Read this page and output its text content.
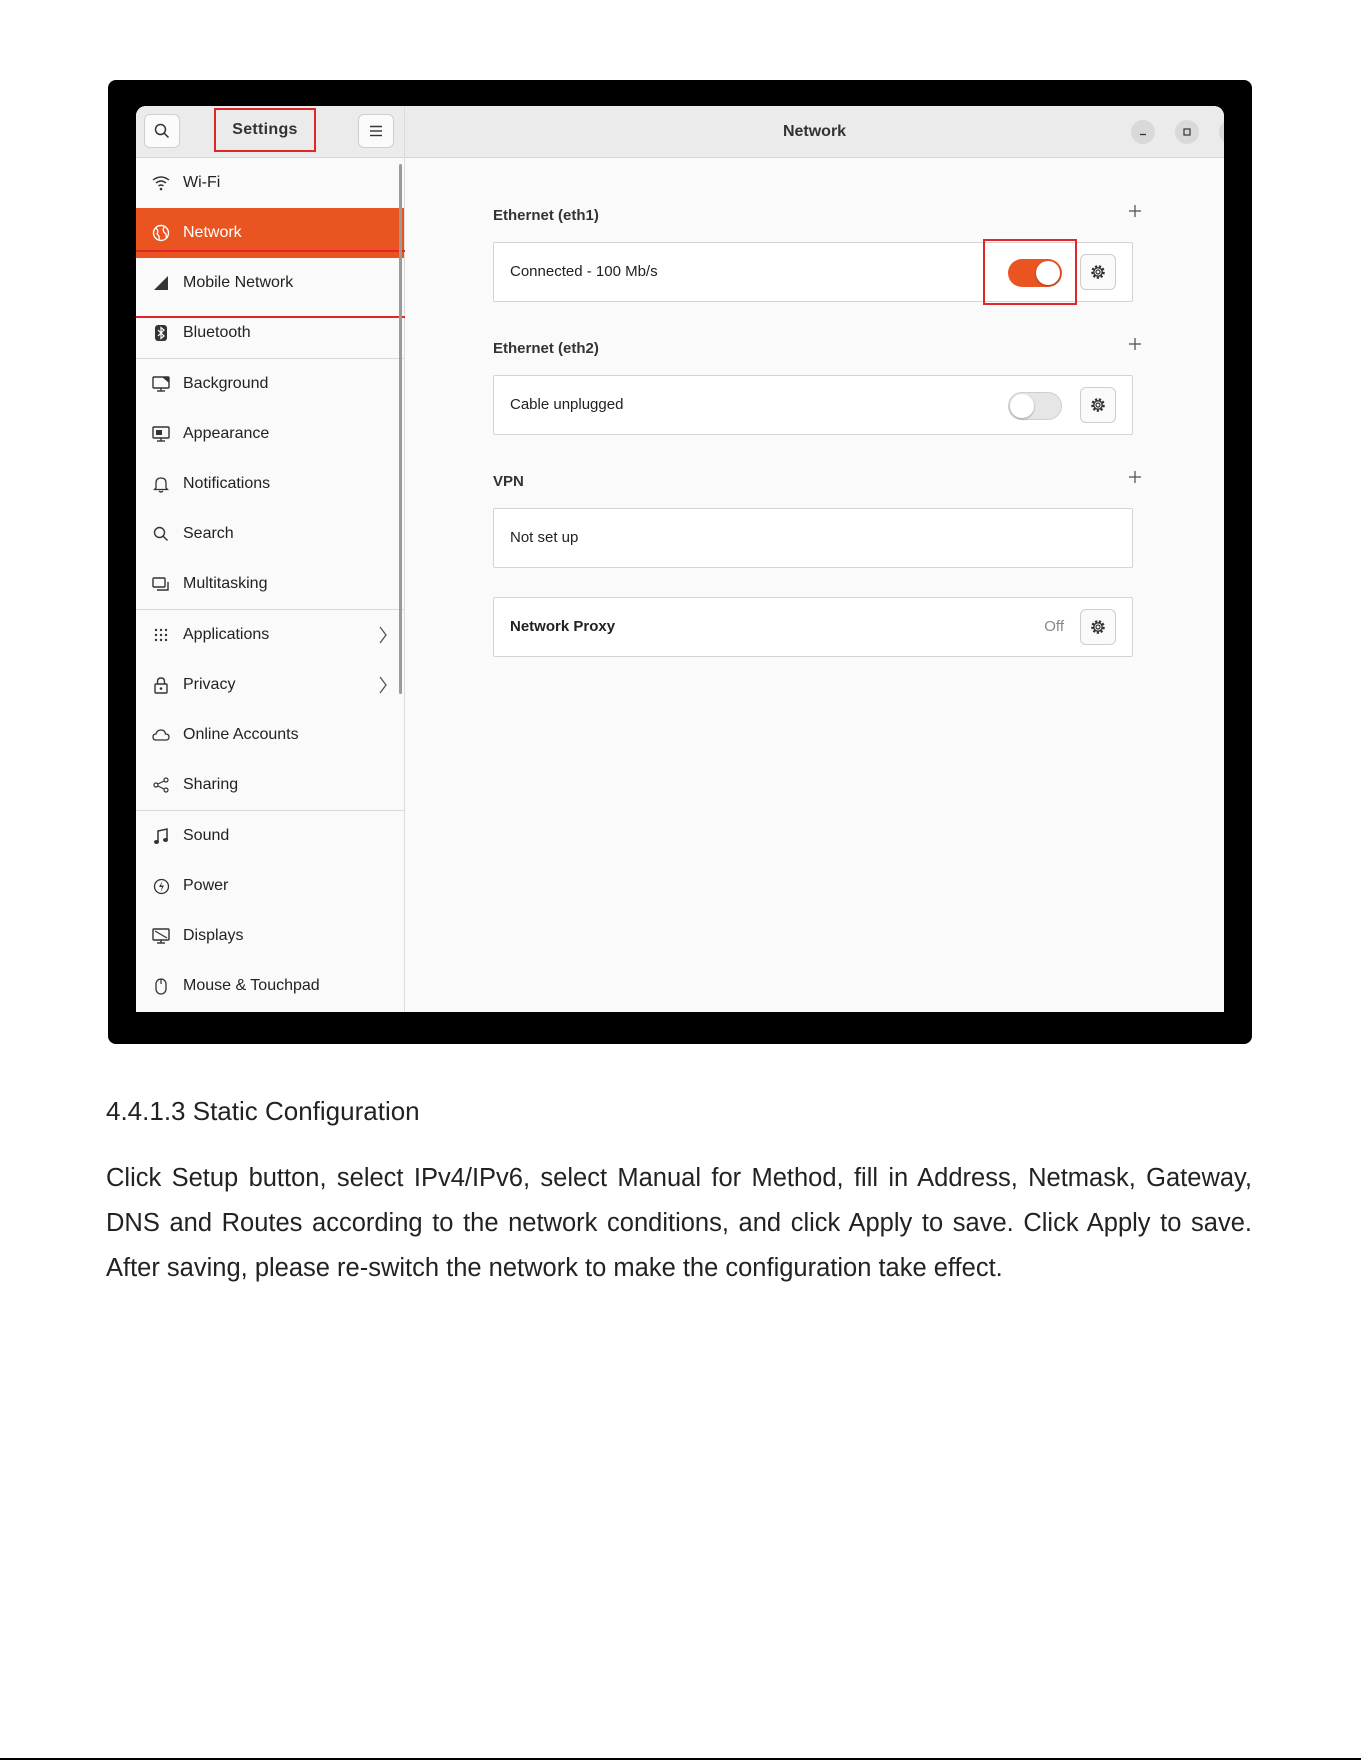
Settings
Wi-Fi
Network
Mobile Network
Bluetooth
Background
Appearance
Notifications
Search
Multitasking
Applications
Privacy
Online Accounts
Sharing
Sound
Power
Displays
Mouse & Touchpad
Network
Ethernet (eth1)
Connected - 100 Mb/s
Ethernet (eth2)
Cable unplugged
VPN
Not set up
Network Proxy	Off
4.4.1.3 Static Configuration
Click Setup button, select IPv4/IPv6, select Manual for Method, fill in Address, Netmask, Gateway, DNS and Routes according to the network conditions, and click Apply to save. Click Apply to save. After saving, please re-switch the network to make the configuration take effect.
